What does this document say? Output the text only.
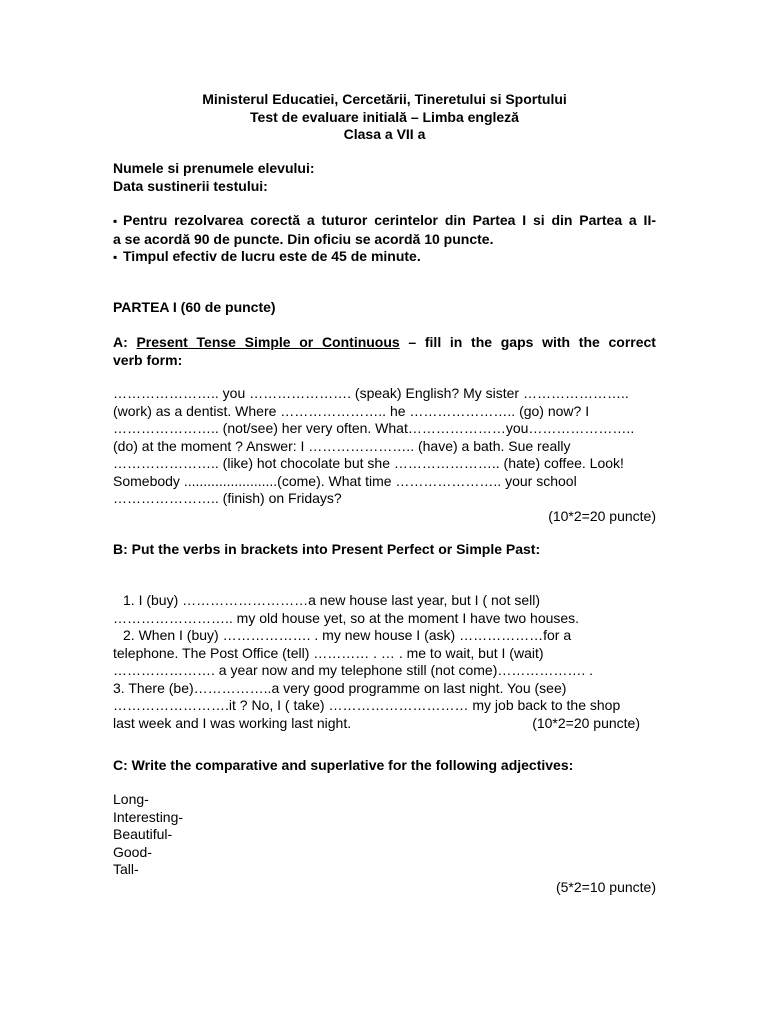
Ministerul Educatiei, Cercetării, Tineretului si Sportului
Test de evaluare initială – Limba engleză
Clasa a VII a
Numele si prenumele elevului:
Data sustinerii testului:
▪ Pentru rezolvarea corectă a tuturor cerintelor din Partea I si din Partea a II-
a se acordă 90 de puncte. Din oficiu se acordă 10 puncte.
▪ Timpul efectiv de lucru este de 45 de minute.
PARTEA I (60 de puncte)
A: Present Tense Simple or Continuous – fill in the gaps with the correct
verb form:
………………….. you …………………. (speak) English? My sister …………………..
(work) as a dentist. Where ………………….. he ………………….. (go) now? I
………………….. (not/see) her very often. What…………………you…………………..
(do) at the moment ? Answer: I ………………….. (have) a bath. Sue really
………………….. (like) hot chocolate but she ………………….. (hate) coffee. Look!
Somebody ........................(come). What time ………………….. your school
………………….. (finish) on Fridays?
(10*2=20 puncte)
B: Put the verbs in brackets into Present Perfect or Simple Past:
1. I (buy) ………………………a new house last year, but I ( not sell)
…………………….. my old house yet, so at the moment I have two houses.
2. When I (buy) ………………. . my new house I (ask) ………………for a
telephone. The Post Office (tell) ………… . … . me to wait, but I (wait)
…………………. a year now and my telephone still (not come)………………. .
3. There (be)……………..a very good programme on last night. You (see)
…………………….it ? No, I ( take) ………………………… my job back to the shop
last week and I was working last night.	(10*2=20 puncte)
C: Write the comparative and superlative for the following adjectives:
Long-
Interesting-
Beautiful-
Good-
Tall-
(5*2=10 puncte)
